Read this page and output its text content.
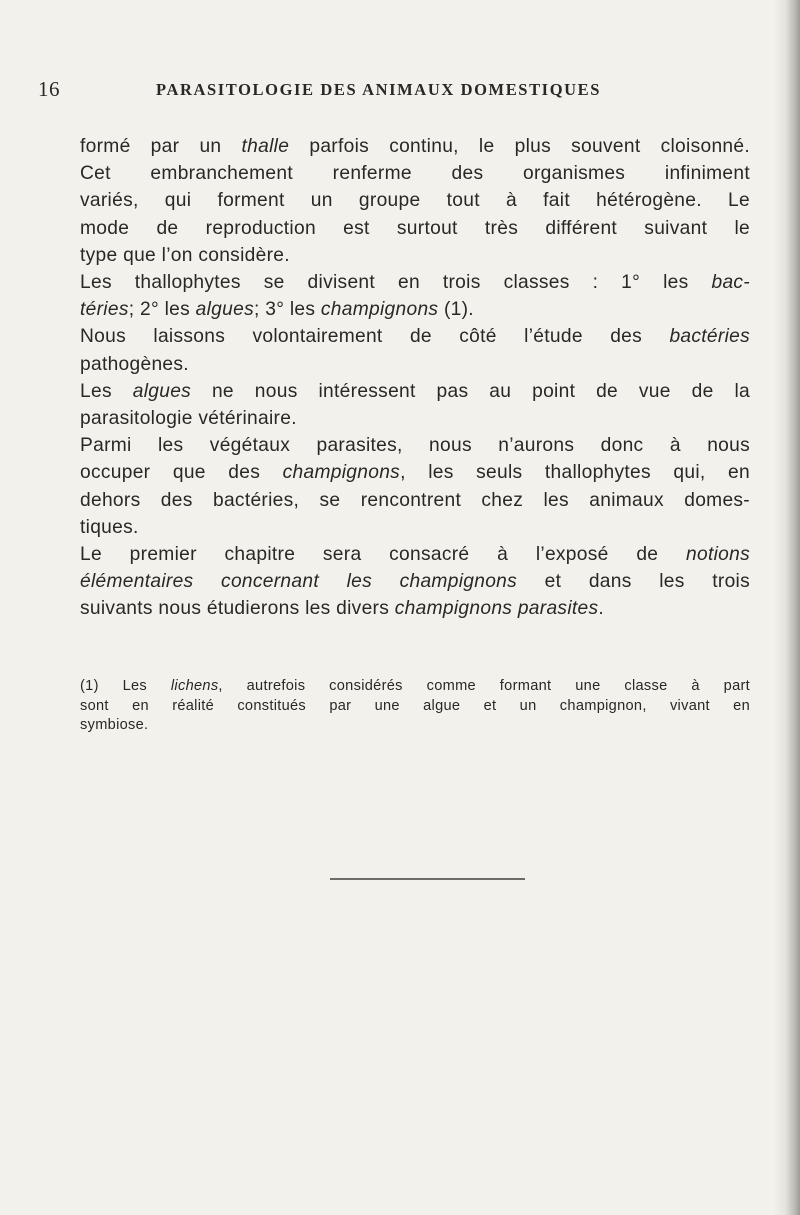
16	PARASITOLOGIE DES ANIMAUX DOMESTIQUES

formé par un thalle parfois continu, le plus souvent cloisonné.
Cet embranchement renferme des organismes infiniment
variés, qui forment un groupe tout à fait hétérogène. Le
mode de reproduction est surtout très différent suivant le
type que l’on considère.

Les thallophytes se divisent en trois classes : 1° les bac-
téries; 2° les algues; 3° les champignons (1).

Nous laissons volontairement de côté l’étude des bactéries
pathogènes.

Les algues ne nous intéressent pas au point de vue de la
parasitologie vétérinaire.

Parmi les végétaux parasites, nous n’aurons donc à nous
occuper que des champignons, les seuls thallophytes qui, en
dehors des bactéries, se rencontrent chez les animaux domes-
tiques.

Le premier chapitre sera consacré à l’exposé de notions
élémentaires concernant les champignons et dans les trois
suivants nous étudierons les divers champignons parasites.

(1) Les lichens, autrefois considérés comme formant une classe à part
sont en réalité constitués par une algue et un champignon, vivant en
symbiose.
